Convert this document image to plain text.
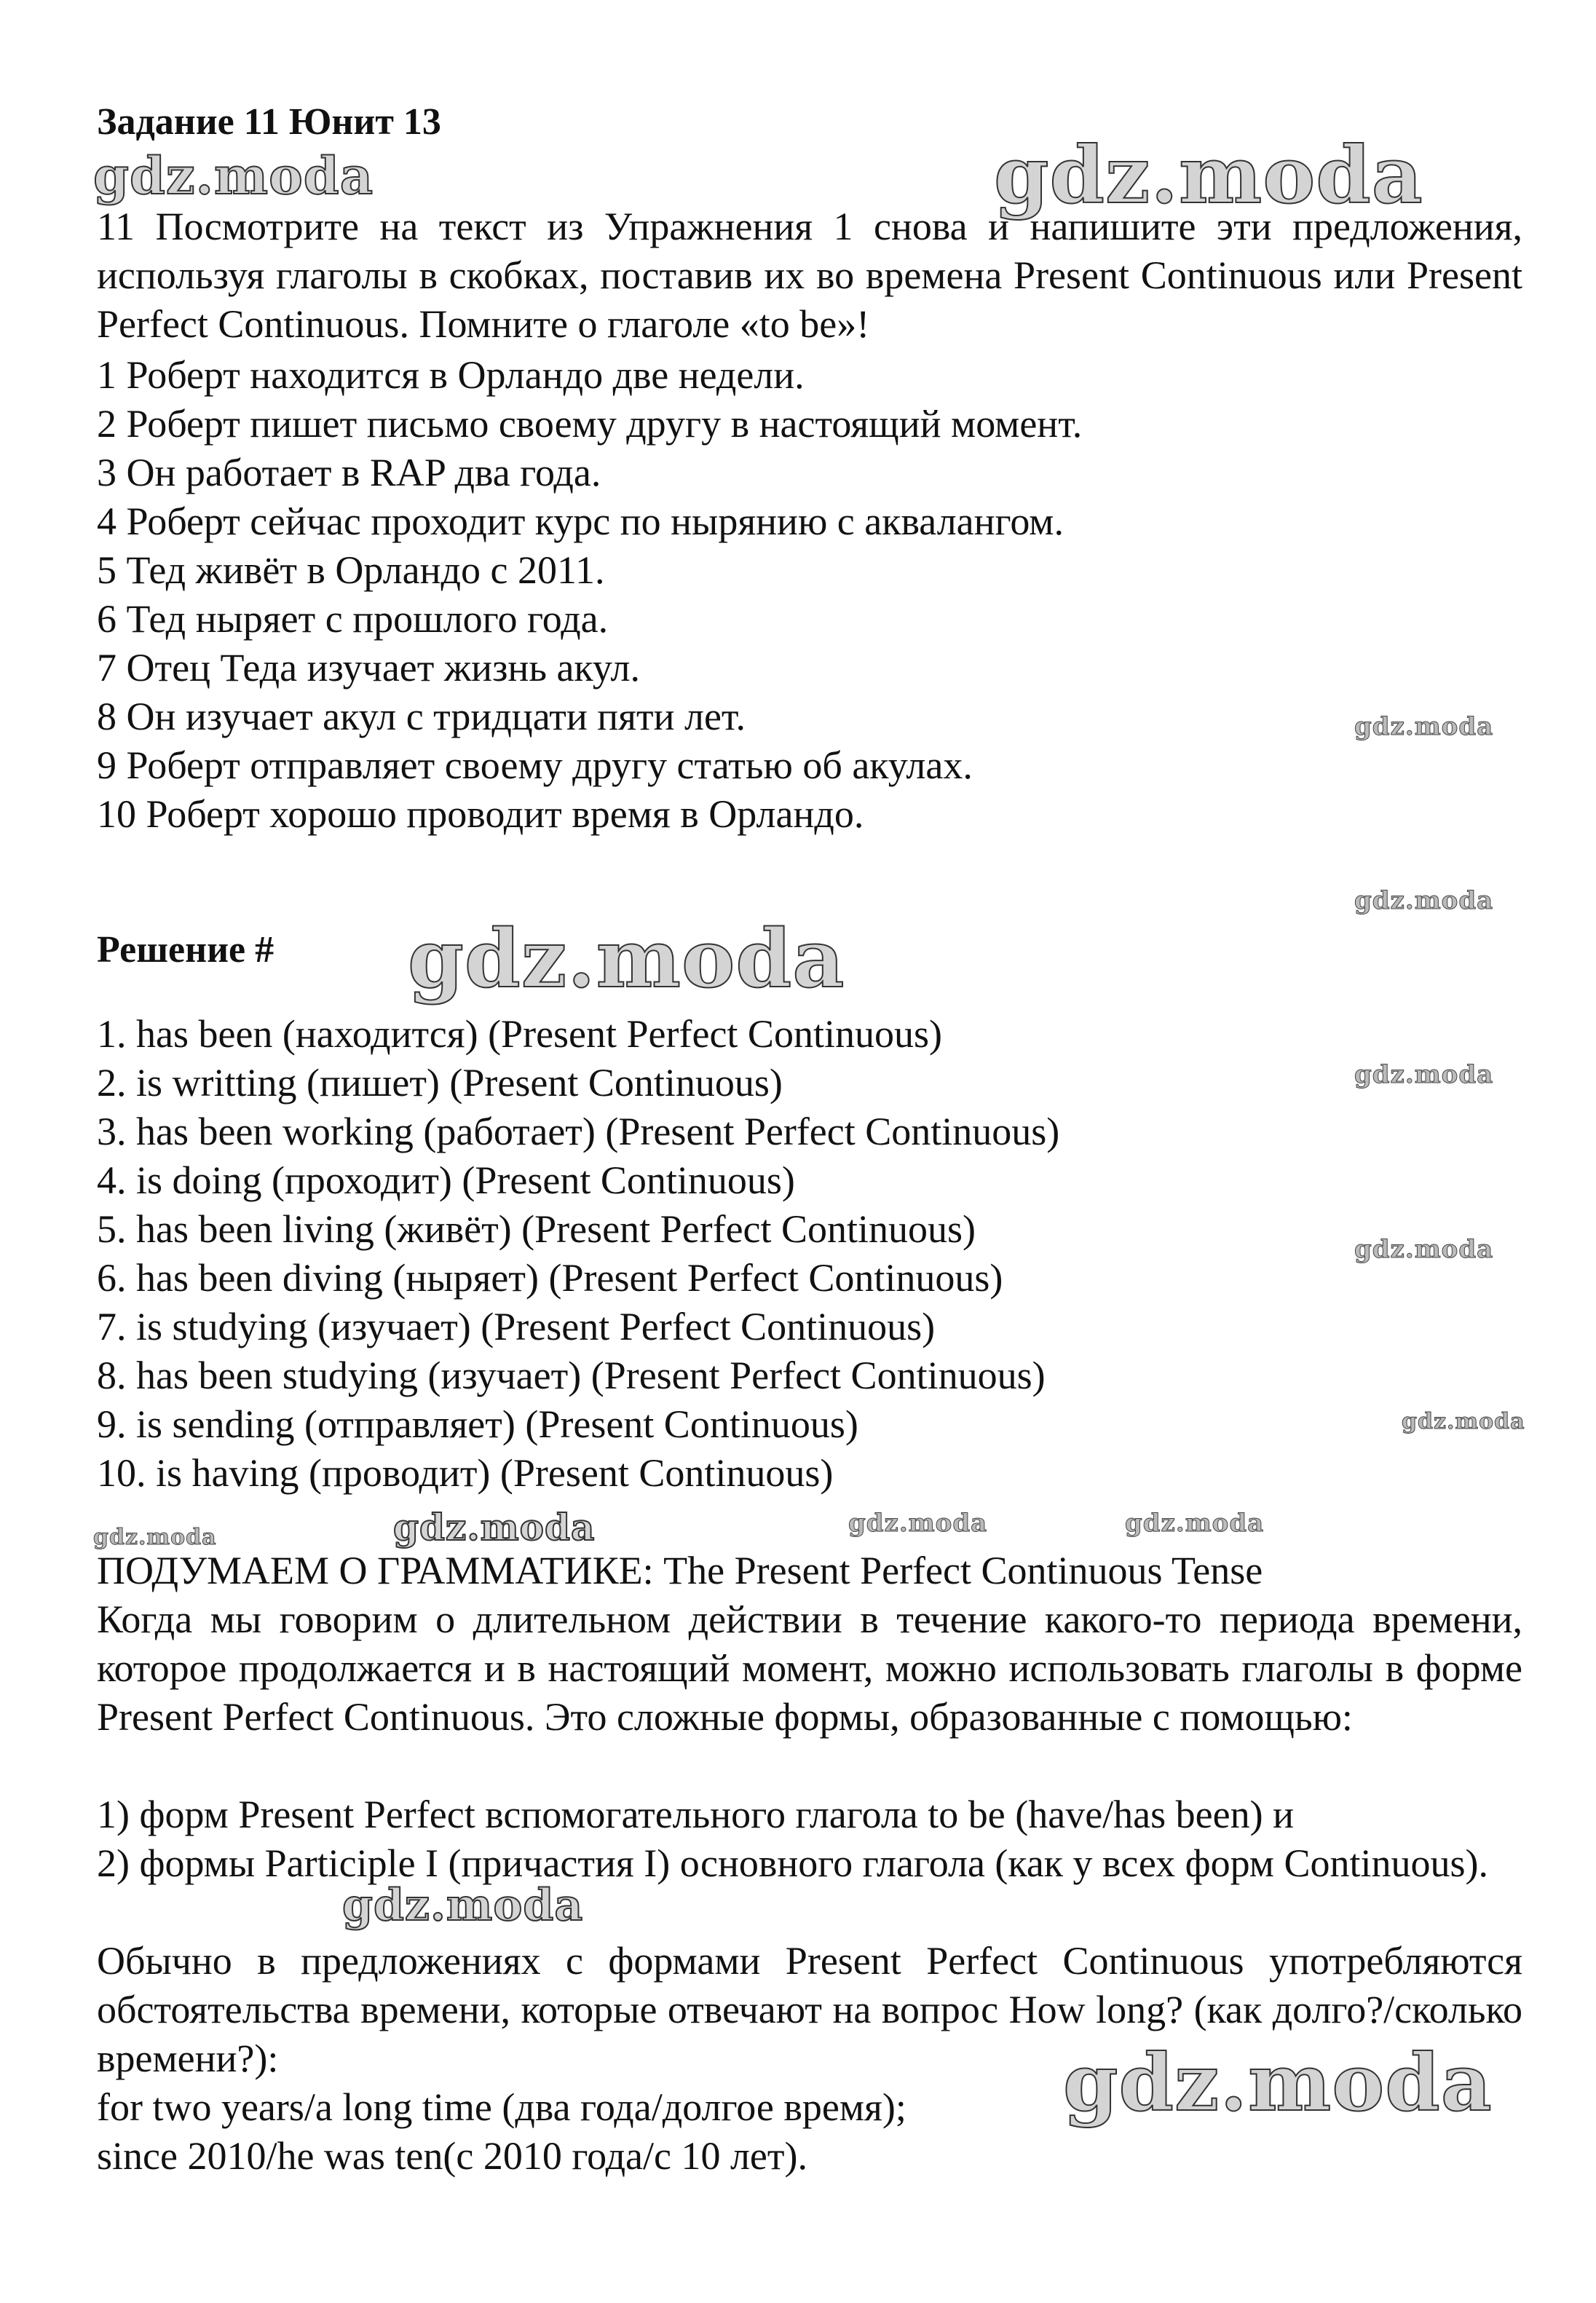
Задание 11 Юнит 13
11 Посмотрите на текст из Упражнения 1 снова и напишите эти предложения, используя глаголы в скобках, поставив их во времена Present Continuous или Present Perfect Continuous. Помните о глаголе «to be»!
1 Роберт находится в Орландо две недели.
2 Роберт пишет письмо своему другу в настоящий момент.
3 Он работает в RAP два года.
4 Роберт сейчас проходит курс по нырянию с аквалангом.
5 Тед живёт в Орландо с 2011.
6 Тед ныряет с прошлого года.
7 Отец Теда изучает жизнь акул.
8 Он изучает акул с тридцати пяти лет.
9 Роберт отправляет своему другу статью об акулах.
10 Роберт хорошо проводит время в Орландо.
Решение #
1. has been (находится) (Present Perfect Continuous)
2. is writting (пишет) (Present Continuous)
3. has been working (работает) (Present Perfect Continuous)
4. is doing (проходит) (Present Continuous)
5. has been living (живёт) (Present Perfect Continuous)
6. has been diving (ныряет) (Present Perfect Continuous)
7. is studying (изучает) (Present Perfect Continuous)
8. has been studying (изучает) (Present Perfect Continuous)
9. is sending (отправляет) (Present Continuous)
10. is having (проводит) (Present Continuous)
ПОДУМАЕМ О ГРАММАТИКЕ: The Present Perfect Continuous Tense
Когда мы говорим о длительном действии в течение какого-то периода времени, которое продолжается и в настоящий момент, можно использовать глаголы в форме Present Perfect Continuous. Это сложные формы, образованные с помощью:
1) форм Present Perfect вспомогательного глагола to be (have/has been) и
2) формы Participle I (причастия I) основного глагола (как у всех форм Continuous).
Обычно в предложениях с формами Present Perfect Continuous употребляются обстоятельства времени, которые отвечают на вопрос How long? (как долго?/сколько времени?):
for two years/a long time (два года/долгое время);
since 2010/he was ten(с 2010 года/с 10 лет).
gdz.moda	gdz.moda
gdz.moda
gdz.moda
gdz.moda
gdz.moda
gdz.moda
gdz.moda
gdz.moda	gdz.moda	gdz.moda	gdz.moda
gdz.moda
gdz.moda
